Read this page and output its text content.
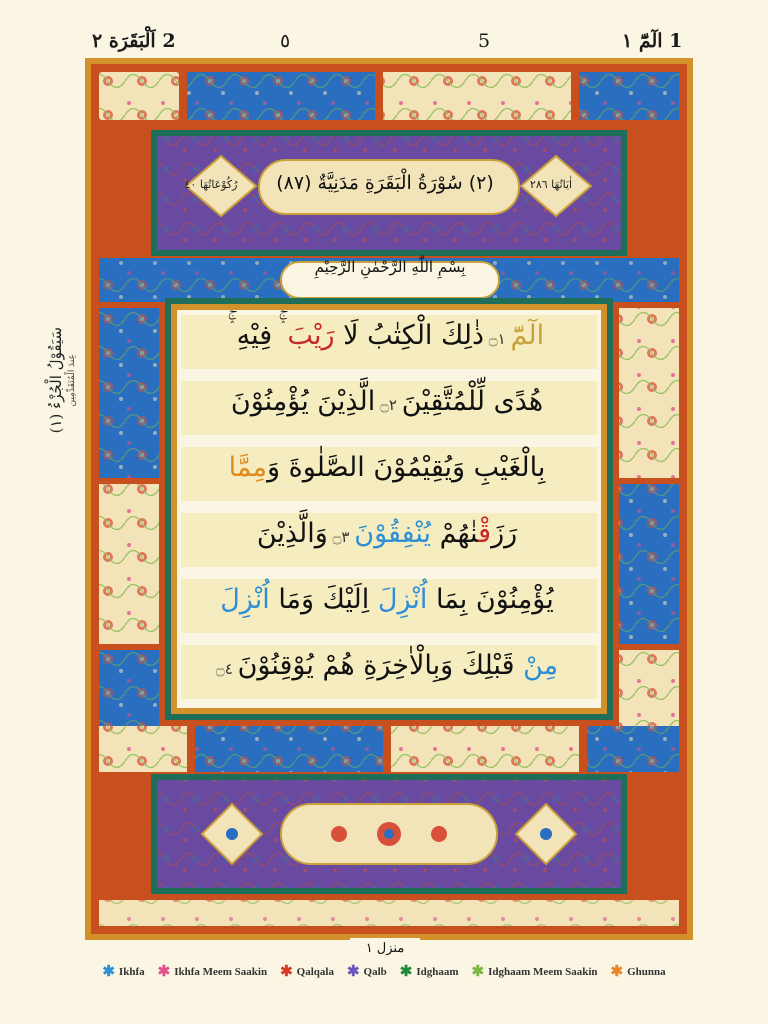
2 اَلْبَقَرَة ٢	٥	5	1 الٓمّٓ ١
سَيَقُوْلُ الْجُزْءُ (١) عِندَ الْمُتَقَدِّمِين
(٢) سُوْرَةُ الْبَقَرَةِ مَدَنِيَّةٌ (٨٧)	اٰیَاتُهَا ٢٨٦
رُكُوْعَاتُهَا ٤٠
بِسْمِ اللّٰهِ الرَّحْمٰنِ الرَّحِیْمِ
الٓمّٓ ۝١ ذٰلِكَ الْكِتٰبُ لَا رَيْبَ ۛۚ فِيْهِ ۛۚ
هُدًى لِّلْمُتَّقِيْنَ ۝٢ الَّذِيْنَ يُؤْمِنُوْنَ
بِالْغَيْبِ وَيُقِيْمُوْنَ الصَّلٰوةَ وَمِمَّا
رَزَقْنٰهُمْ يُنْفِقُوْنَ ۝٣ وَالَّذِيْنَ
يُؤْمِنُوْنَ بِمَا اُنْزِلَ اِلَيْكَ وَمَا اُنْزِلَ
مِنْ قَبْلِكَ وَبِالْاٰخِرَةِ هُمْ يُوْقِنُوْنَ ۝٤
منزل ١
✱ Ikhfa ✱ Ikhfa Meem Saakin ✱ Qalqala ✱ Qalb ✱ Idghaam ✱ Idghaam Meem Saakin ✱ Ghunna
